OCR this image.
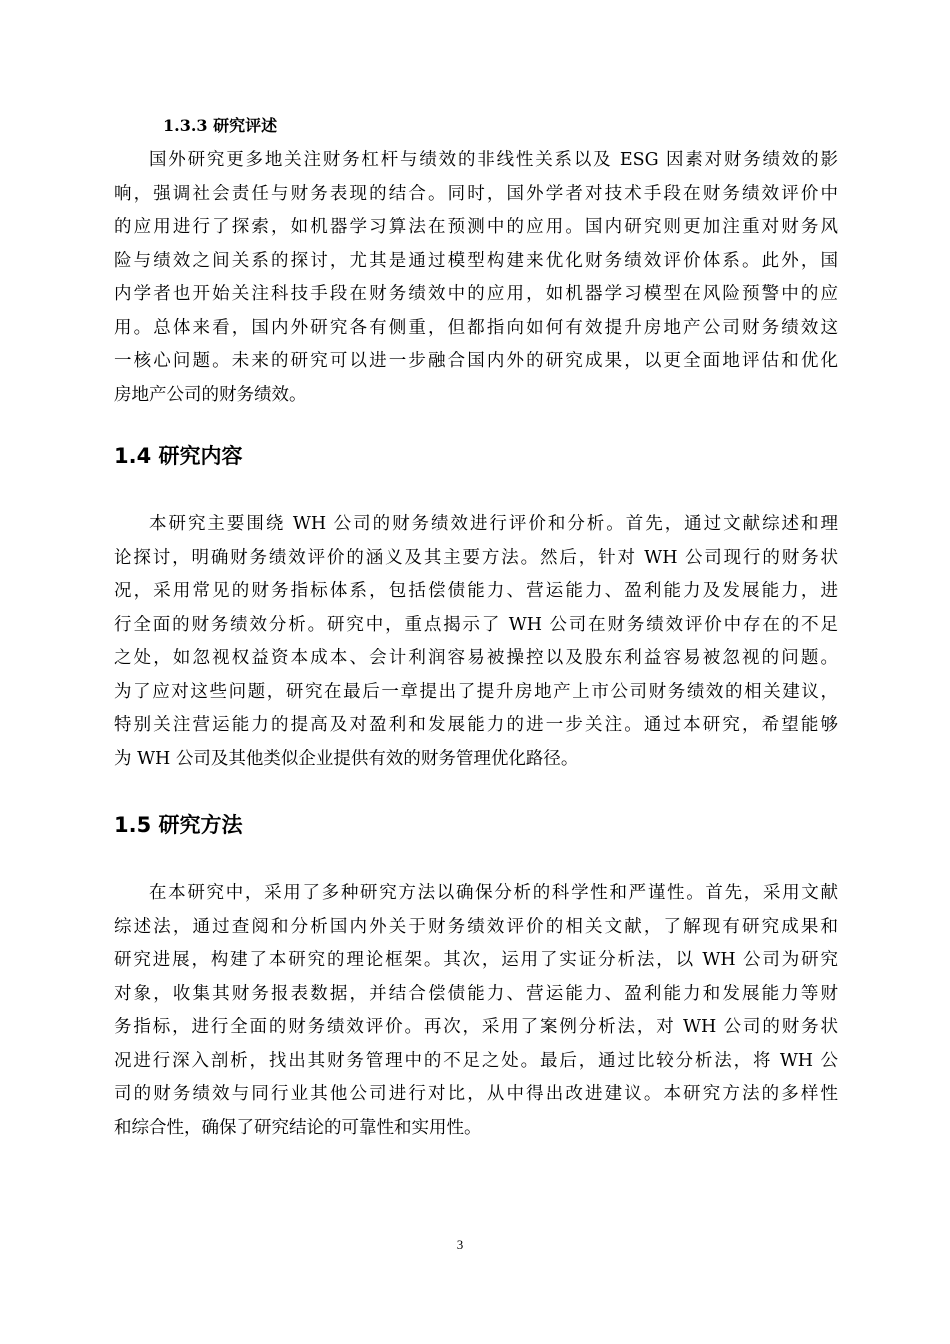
1.3.3 研究评述
国外研究更多地关注财务杠杆与绩效的非线性关系以及 ESG 因素对财务绩效的影
响，强调社会责任与财务表现的结合。同时，国外学者对技术手段在财务绩效评价中
的应用进行了探索，如机器学习算法在预测中的应用。国内研究则更加注重对财务风
险与绩效之间关系的探讨，尤其是通过模型构建来优化财务绩效评价体系。此外，国
内学者也开始关注科技手段在财务绩效中的应用，如机器学习模型在风险预警中的应
用。总体来看，国内外研究各有侧重，但都指向如何有效提升房地产公司财务绩效这
一核心问题。未来的研究可以进一步融合国内外的研究成果，以更全面地评估和优化
房地产公司的财务绩效。
1.4 研究内容
本研究主要围绕 WH 公司的财务绩效进行评价和分析。首先，通过文献综述和理
论探讨，明确财务绩效评价的涵义及其主要方法。然后，针对 WH 公司现行的财务状
况，采用常见的财务指标体系，包括偿债能力、营运能力、盈利能力及发展能力，进
行全面的财务绩效分析。研究中，重点揭示了 WH 公司在财务绩效评价中存在的不足
之处，如忽视权益资本成本、会计利润容易被操控以及股东利益容易被忽视的问题。
为了应对这些问题，研究在最后一章提出了提升房地产上市公司财务绩效的相关建议，
特别关注营运能力的提高及对盈利和发展能力的进一步关注。通过本研究，希望能够
为 WH 公司及其他类似企业提供有效的财务管理优化路径。
1.5 研究方法
在本研究中，采用了多种研究方法以确保分析的科学性和严谨性。首先，采用文献
综述法，通过查阅和分析国内外关于财务绩效评价的相关文献，了解现有研究成果和
研究进展，构建了本研究的理论框架。其次，运用了实证分析法，以 WH 公司为研究
对象，收集其财务报表数据，并结合偿债能力、营运能力、盈利能力和发展能力等财
务指标，进行全面的财务绩效评价。再次，采用了案例分析法，对 WH 公司的财务状
况进行深入剖析，找出其财务管理中的不足之处。最后，通过比较分析法，将 WH 公
司的财务绩效与同行业其他公司进行对比，从中得出改进建议。本研究方法的多样性
和综合性，确保了研究结论的可靠性和实用性。
3
